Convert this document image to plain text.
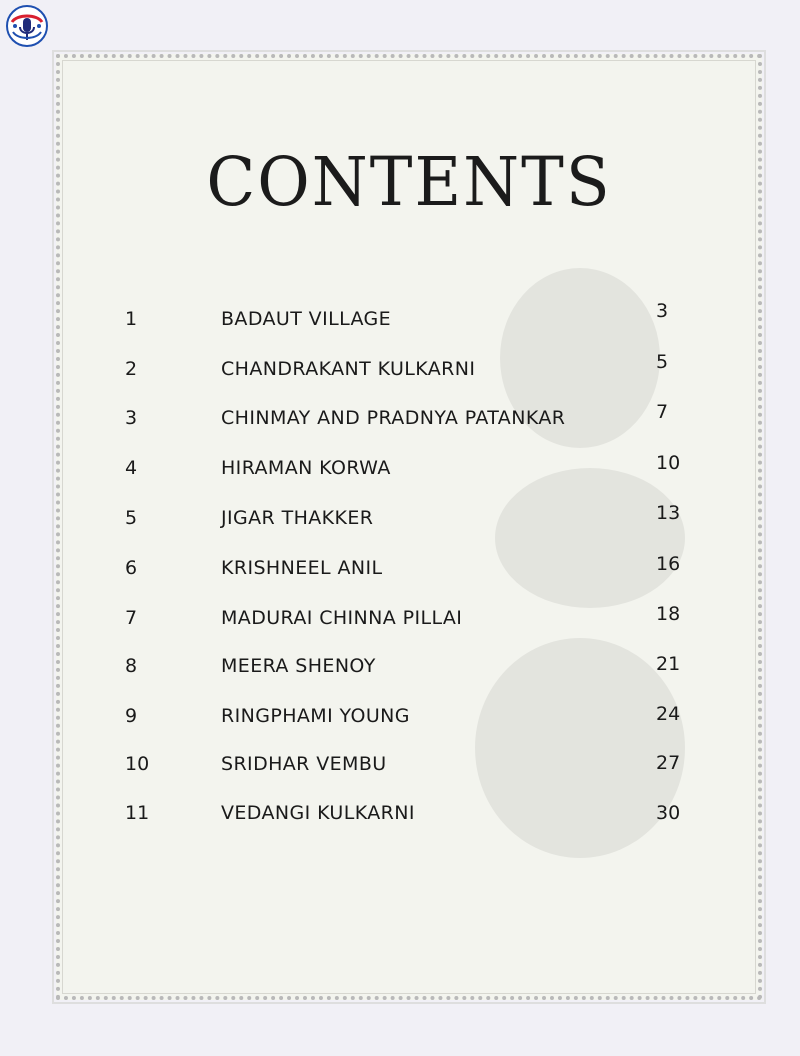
CONTENTS
1	BADAUT VILLAGE	3
2	CHANDRAKANT KULKARNI	5
3	CHINMAY AND PRADNYA PATANKAR	7
4	HIRAMAN KORWA	10
5	JIGAR THAKKER	13
6	KRISHNEEL ANIL	16
7	MADURAI CHINNA PILLAI	18
8	MEERA SHENOY	21
9	RINGPHAMI YOUNG	24
10	SRIDHAR VEMBU	27
11	VEDANGI KULKARNI	30
